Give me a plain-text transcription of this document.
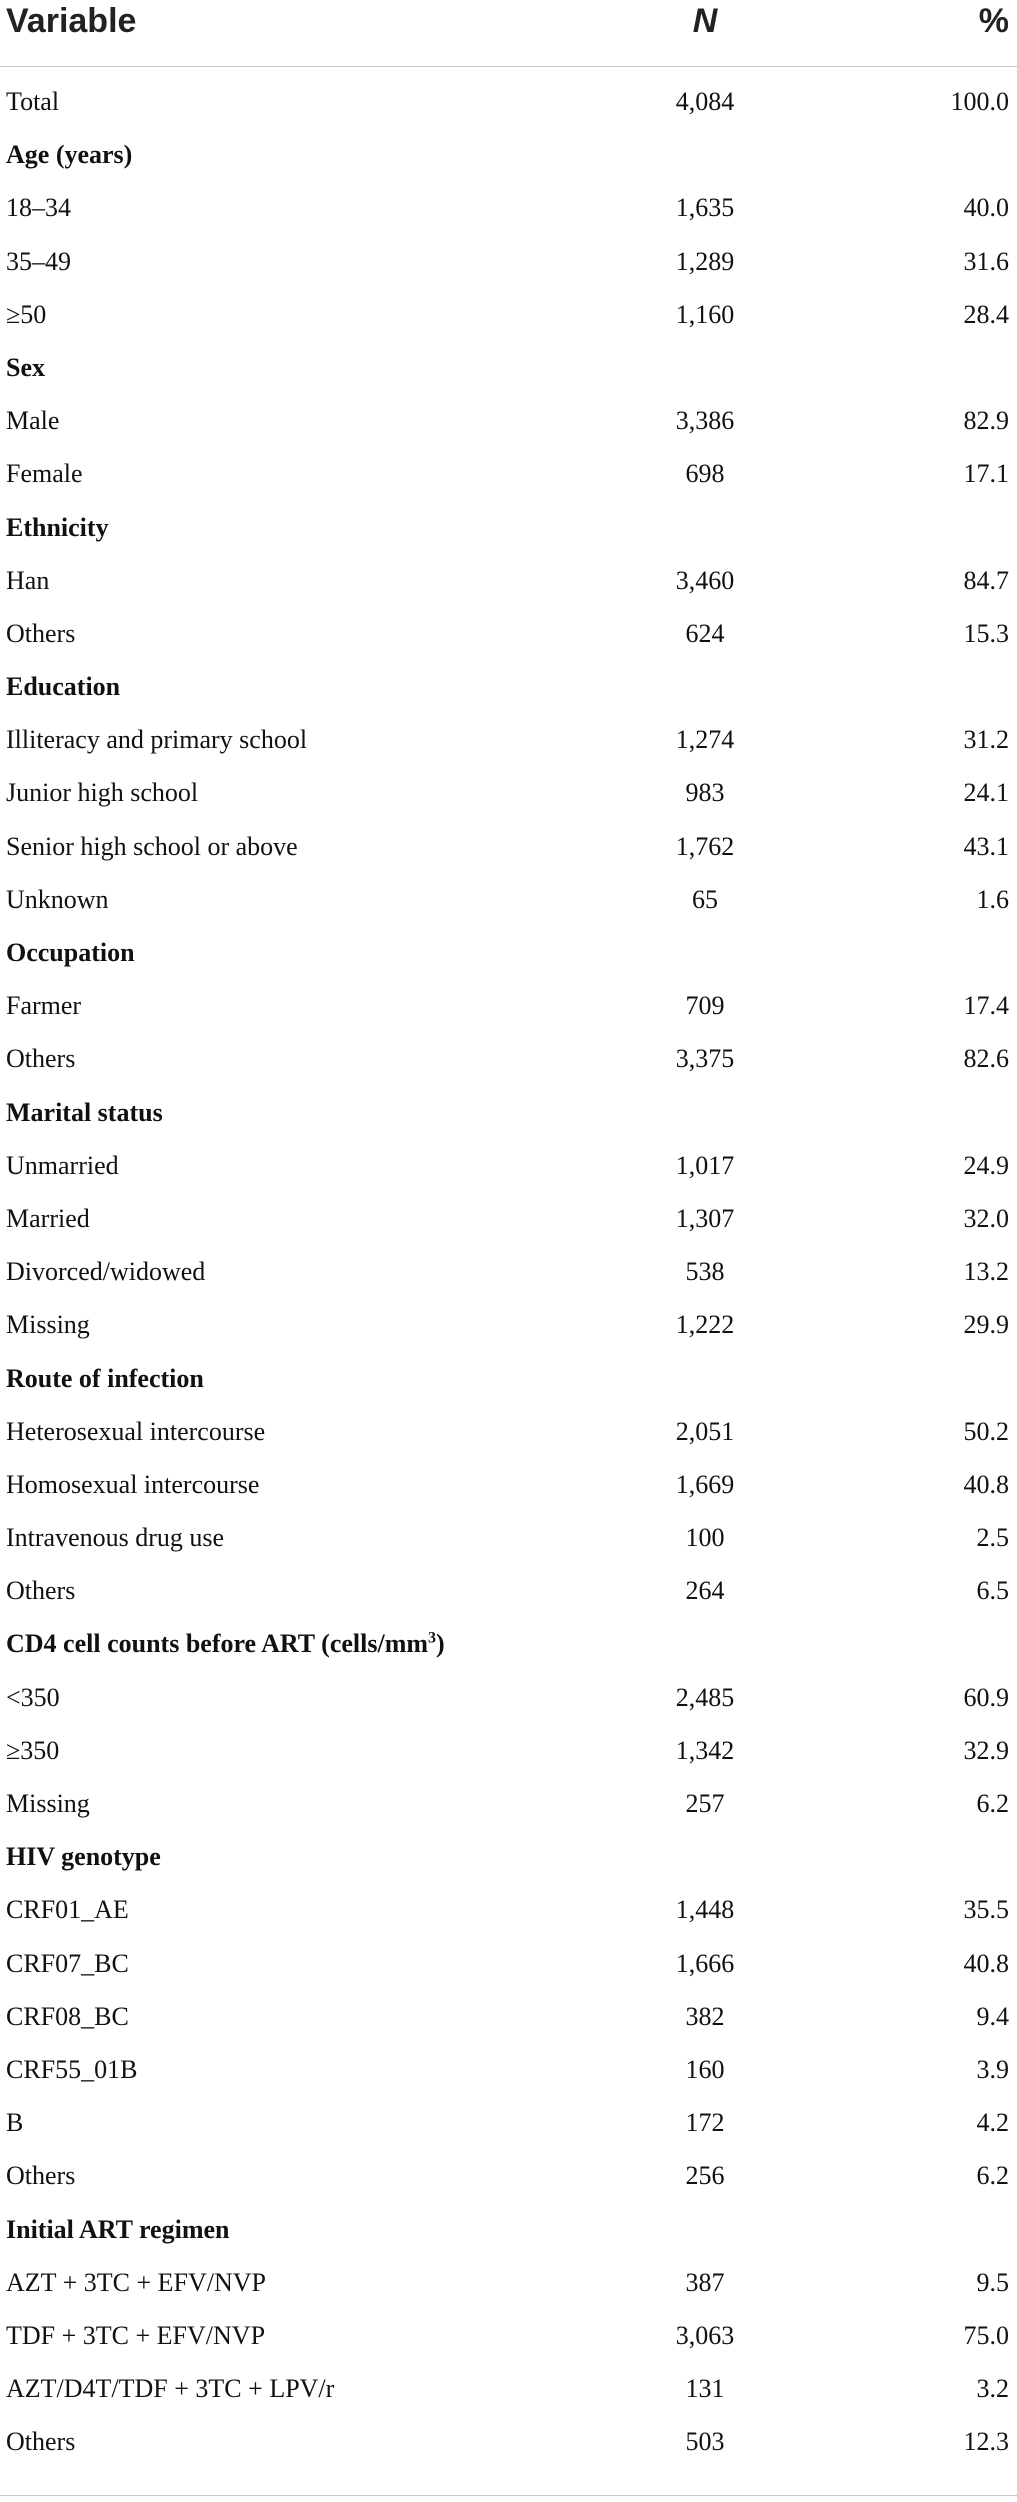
Variable	N	%
Total	4,084	100.0
Age (years)
18–34	1,635	40.0
35–49	1,289	31.6
≥50	1,160	28.4
Sex
Male	3,386	82.9
Female	698	17.1
Ethnicity
Han	3,460	84.7
Others	624	15.3
Education
Illiteracy and primary school	1,274	31.2
Junior high school	983	24.1
Senior high school or above	1,762	43.1
Unknown	65	1.6
Occupation
Farmer	709	17.4
Others	3,375	82.6
Marital status
Unmarried	1,017	24.9
Married	1,307	32.0
Divorced/widowed	538	13.2
Missing	1,222	29.9
Route of infection
Heterosexual intercourse	2,051	50.2
Homosexual intercourse	1,669	40.8
Intravenous drug use	100	2.5
Others	264	6.5
CD4 cell counts before ART $(cells/mm^3)$
<350	2,485	60.9
≥350	1,342	32.9
Missing	257	6.2
HIV genotype
CRF01_AE	1,448	35.5
CRF07_BC	1,666	40.8
CRF08_BC	382	9.4
CRF55_01B	160	3.9
B	172	4.2
Others	256	6.2
Initial ART regimen
AZT + 3TC + EFV/NVP	387	9.5
TDF + 3TC + EFV/NVP	3,063	75.0
AZT/D4T/TDF + 3TC + LPV/r	131	3.2
Others	503	12.3
